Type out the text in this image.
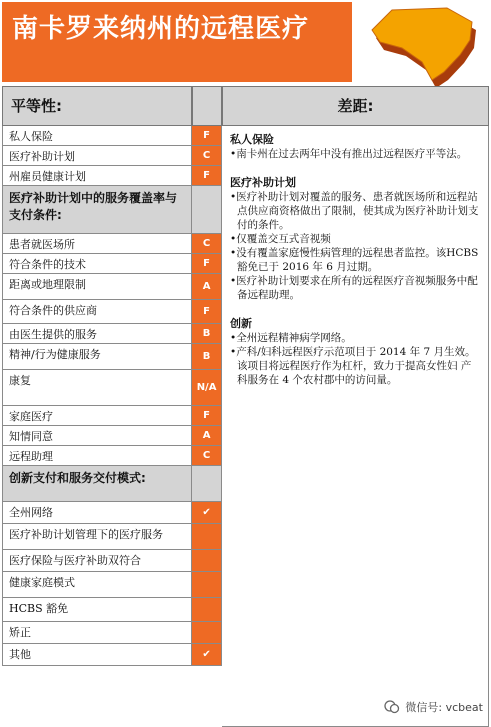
南卡罗来纳州的远程医疗
平等性:	差距:
私人保险	F
医疗补助计划	C
州雇员健康计划	F
医疗补助计划中的服务覆盖率与支付条件:
患者就医场所	C
符合条件的技术	F
距离或地理限制	A
符合条件的供应商	F
由医生提供的服务	B
精神/行为健康服务	B
康复	N/A
家庭医疗	F
知情同意	A
远程助理	C
创新支付和服务交付模式:
全州网络	✔
医疗补助计划管理下的医疗服务
医疗保险与医疗补助双符合
健康家庭模式
HCBS 豁免
矫正
其他	✔
私人保险
•南卡州在过去两年中没有推出过远程医疗平等法。
医疗补助计划
•医疗补助计划对覆盖的服务、患者就医场所和远程站点供应商资格做出了限制，使其成为医疗补助计划支付的条件。
•仅覆盖交互式音视频
•没有覆盖家庭慢性病管理的远程患者监控。该HCBS 豁免已于 2016 年 6 月过期。
•医疗补助计划要求在所有的远程医疗音视频服务中配备远程助理。
创新
•全州远程精神病学网络。
•产科/妇科远程医疗示范项目于 2014 年 7 月生效。 该项目将远程医疗作为杠杆，致力于提高女性妇 产科服务在 4 个农村郡中的访问量。
微信号: vcbeat
